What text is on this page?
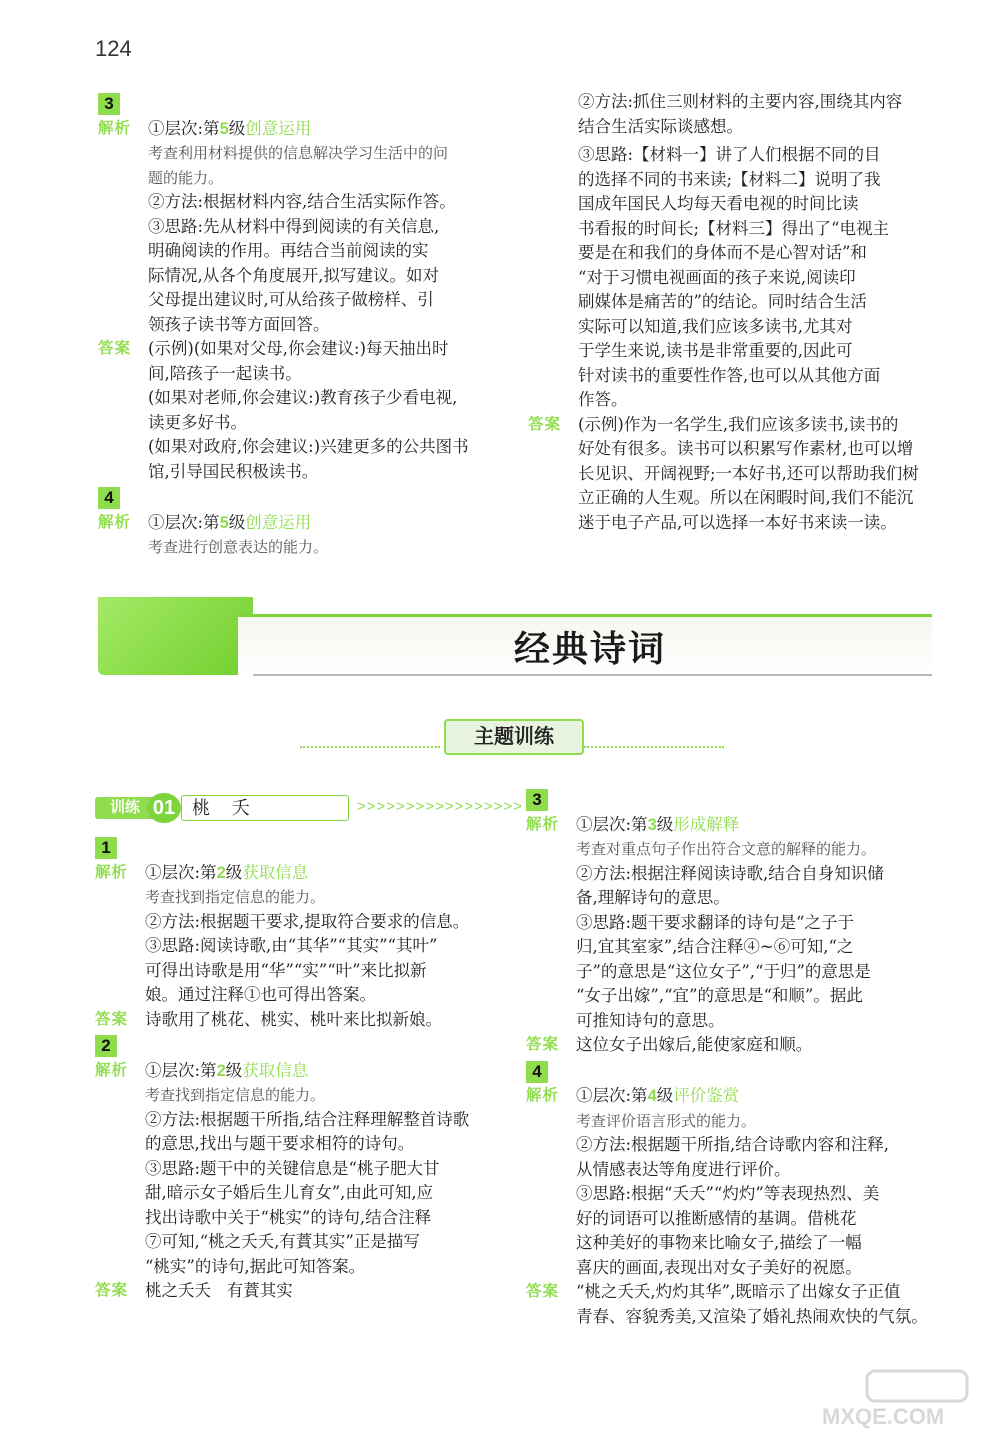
124
3
解析	①层次:第5级创意运用

考查利用材料提供的信息解决学习生活中的问

题的能力。

②方法:根据材料内容,结合生活实际作答。

③思路:先从材料中得到阅读的有关信息,

明确阅读的作用。再结合当前阅读的实

际情况,从各个角度展开,拟写建议。如对

父母提出建议时,可从给孩子做榜样、引

领孩子读书等方面回答。

答案	(示例)(如果对父母,你会建议:)每天抽出时

间,陪孩子一起读书。

(如果对老师,你会建议:)教育孩子少看电视,

读更多好书。

(如果对政府,你会建议:)兴建更多的公共图书

馆,引导国民积极读书。

4
解析	①层次:第5级创意运用

考查进行创意表达的能力。

②方法:抓住三则材料的主要内容,围绕其内容

结合生活实际谈感想。

③思路:【材料一】讲了人们根据不同的目

的选择不同的书来读;【材料二】说明了我

国成年国民人均每天看电视的时间比读

书看报的时间长;【材料三】得出了“电视主

要是在和我们的身体而不是心智对话”和

“对于习惯电视画面的孩子来说,阅读印

刷媒体是痛苦的”的结论。同时结合生活

实际可以知道,我们应该多读书,尤其对

于学生来说,读书是非常重要的,因此可

针对读书的重要性作答,也可以从其他方面

作答。

答案	(示例)作为一名学生,我们应该多读书,读书的

好处有很多。读书可以积累写作素材,也可以增

长见识、开阔视野;一本好书,还可以帮助我们树

立正确的人生观。所以在闲暇时间,我们不能沉

迷于电子产品,可以选择一本好书来读一读。

经典诗词
主题训练
训练 01 桃 夭	>>>>>>>>>>>>>>>>>
1
解析	①层次:第2级获取信息

考查找到指定信息的能力。

②方法:根据题干要求,提取符合要求的信息。

③思路:阅读诗歌,由“其华”“其实”“其叶”

可得出诗歌是用“华”“实”“叶”来比拟新

娘。通过注释①也可得出答案。

答案	诗歌用了桃花、桃实、桃叶来比拟新娘。

2
解析	①层次:第2级获取信息

考查找到指定信息的能力。

②方法:根据题干所指,结合注释理解整首诗歌

的意思,找出与题干要求相符的诗句。

③思路:题干中的关键信息是“桃子肥大甘

甜,暗示女子婚后生儿育女”,由此可知,应

找出诗歌中关于“桃实”的诗句,结合注释

⑦可知,“桃之夭夭,有蕡其实”正是描写

“桃实”的诗句,据此可知答案。

答案	桃之夭夭   有蕡其实

3
解析	①层次:第3级形成解释

考查对重点句子作出符合文意的解释的能力。

②方法:根据注释阅读诗歌,结合自身知识储

备,理解诗句的意思。

③思路:题干要求翻译的诗句是“之子于

归,宜其室家”,结合注释④~⑥可知,“之

子”的意思是“这位女子”,“于归”的意思是

“女子出嫁”,“宜”的意思是“和顺”。据此

可推知诗句的意思。

答案	这位女子出嫁后,能使家庭和顺。

4
解析	①层次:第4级评价鉴赏

考查评价语言形式的能力。

②方法:根据题干所指,结合诗歌内容和注释,

从情感表达等角度进行评价。

③思路:根据“夭夭”“灼灼”等表现热烈、美

好的词语可以推断感情的基调。借桃花

这种美好的事物来比喻女子,描绘了一幅

喜庆的画面,表现出对女子美好的祝愿。

答案	“桃之夭夭,灼灼其华”,既暗示了出嫁女子正值

青春、容貌秀美,又渲染了婚礼热闹欢快的气氛。

MXQE.COM
